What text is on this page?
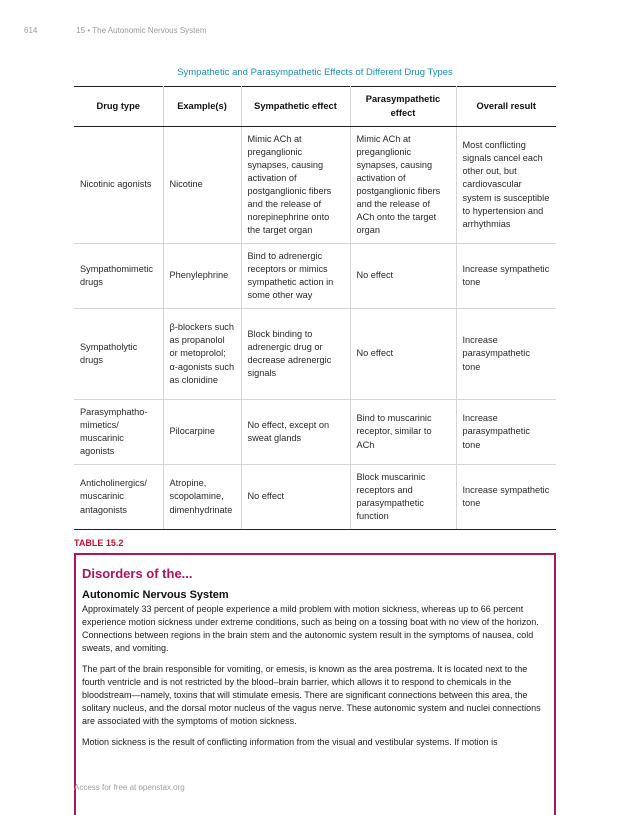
614	15 • The Autonomic Nervous System
Sympathetic and Parasympathetic Effects of Different Drug Types
Drug type	Example(s)	Sympathetic effect	Parasympathetic effect	Overall result
Nicotinic agonists	Nicotine	Mimic ACh at preganglionic synapses, causing activation of postganglionic fibers and the release of norepinephrine onto the target organ	Mimic ACh at preganglionic synapses, causing activation of postganglionic fibers and the release of ACh onto the target organ	Most conflicting signals cancel each other out, but cardiovascular system is susceptible to hypertension and arrhythmias
Sympathomimetic drugs	Phenylephrine	Bind to adrenergic receptors or mimics sympathetic action in some other way	No effect	Increase sympathetic tone
Sympatholytic drugs	β-blockers such as propanolol or metoprolol; α-agonists such as clonidine	Block binding to adrenergic drug or decrease adrenergic signals	No effect	Increase parasympathetic tone
Parasymphatho-mimetics/ muscarinic agonists	Pilocarpine	No effect, except on sweat glands	Bind to muscarinic receptor, similar to ACh	Increase parasympathetic tone
Anticholinergics/ muscarinic antagonists	Atropine, scopolamine, dimenhydrinate	No effect	Block muscarinic receptors and parasympathetic function	Increase sympathetic tone
TABLE 15.2
Disorders of the...
Autonomic Nervous System

Approximately 33 percent of people experience a mild problem with motion sickness, whereas up to 66 percent experience motion sickness under extreme conditions, such as being on a tossing boat with no view of the horizon. Connections between regions in the brain stem and the autonomic system result in the symptoms of nausea, cold sweats, and vomiting.

The part of the brain responsible for vomiting, or emesis, is known as the area postrema. It is located next to the fourth ventricle and is not restricted by the blood–brain barrier, which allows it to respond to chemicals in the bloodstream—namely, toxins that will stimulate emesis. There are significant connections between this area, the solitary nucleus, and the dorsal motor nucleus of the vagus nerve. These autonomic system and nuclei connections are associated with the symptoms of motion sickness.

Motion sickness is the result of conflicting information from the visual and vestibular systems. If motion is

Access for free at openstax.org
